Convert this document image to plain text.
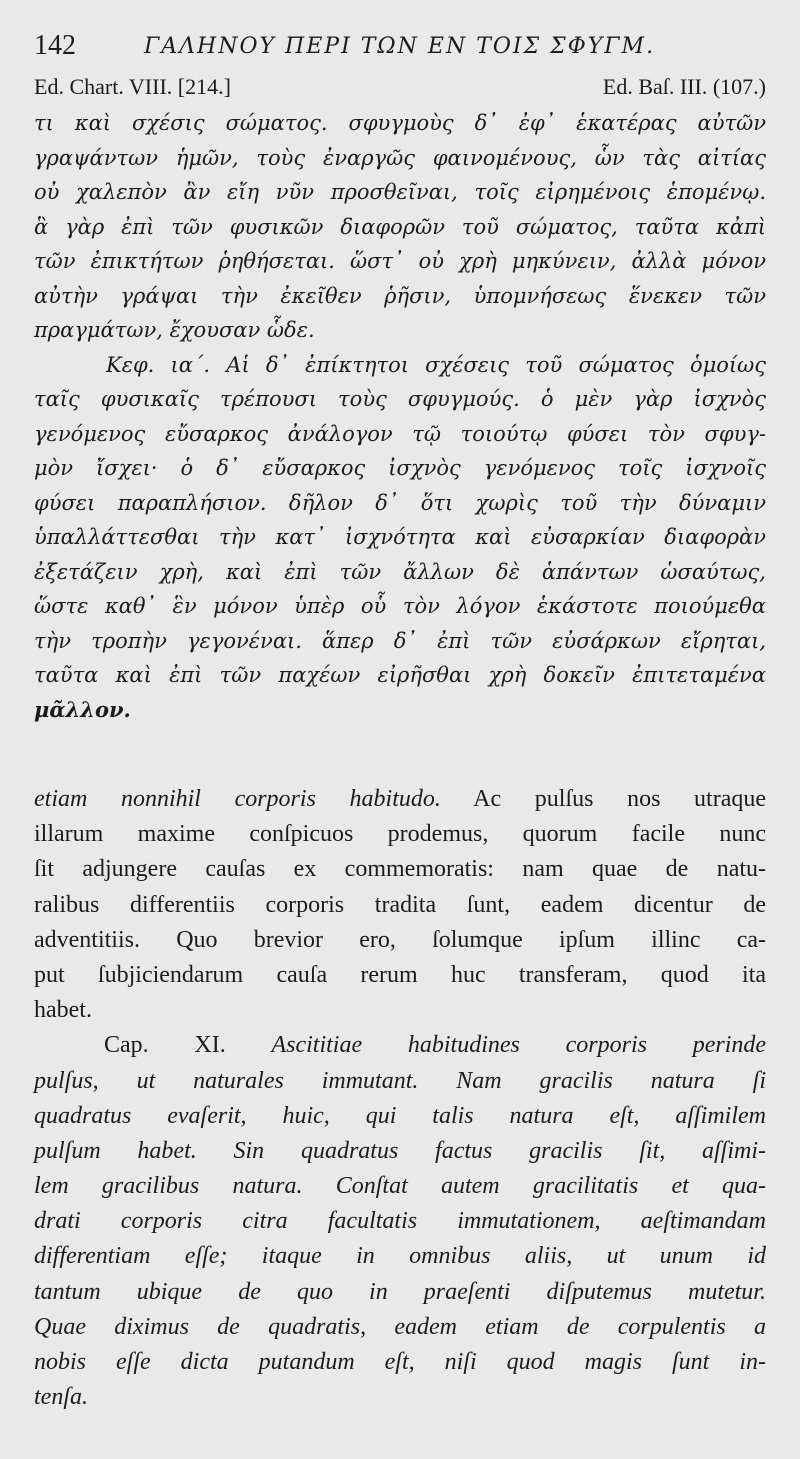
142	ΓΑΛΗΝΟΥ ΠΕΡΙ ΤΩΝ ΕΝ ΤΟΙΣ ΣΦΥΓΜ.
Ed. Chart. VIII. [214.]	Ed. Baſ. III. (107.)
τι καὶ σχέσις σώματος. σφυγμοὺς δ᾽ ἐφ᾽ ἑκατέρας αὐτῶν
γραψάντων ἡμῶν, τοὺς ἐναργῶς φαινομένους, ὧν τὰς αἰτίας
οὐ χαλεπὸν ἂν εἴη νῦν προσθεῖναι, τοῖς εἰρημένοις ἑπομένῳ.
ἃ γὰρ ἐπὶ τῶν φυσικῶν διαφορῶν τοῦ σώματος, ταῦτα κἀπὶ
τῶν ἐπικτήτων ῥηθήσεται. ὥστ᾽ οὐ χρὴ μηκύνειν, ἀλλὰ μόνον
αὐτὴν γράψαι τὴν ἐκεῖθεν ῥῆσιν, ὑπομνήσεως ἕνεκεν τῶν
πραγμάτων, ἔχουσαν ὧδε.
Κεφ. ια΄. Αἱ δ᾽ ἐπίκτητοι σχέσεις τοῦ σώματος ὁμοίως
ταῖς φυσικαῖς τρέπουσι τοὺς σφυγμούς. ὁ μὲν γὰρ ἰσχνὸς
γενόμενος εὔσαρκος ἀνάλογον τῷ τοιούτῳ φύσει τὸν σφυγ-
μὸν ἴσχει· ὁ δ᾽ εὔσαρκος ἰσχνὸς γενόμενος τοῖς ἰσχνοῖς
φύσει παραπλήσιον. δῆλον δ᾽ ὅτι χωρὶς τοῦ τὴν δύναμιν
ὑπαλλάττεσθαι τὴν κατ᾽ ἰσχνότητα καὶ εὐσαρκίαν διαφορὰν
ἐξετάζειν χρὴ, καὶ ἐπὶ τῶν ἄλλων δὲ ἁπάντων ὡσαύτως,
ὥστε καθ᾽ ἓν μόνον ὑπὲρ οὗ τὸν λόγον ἑκάστοτε ποιούμεθα
τὴν τροπὴν γεγονέναι. ἅπερ δ᾽ ἐπὶ τῶν εὐσάρκων εἴρηται,
ταῦτα καὶ ἐπὶ τῶν παχέων εἰρῆσθαι χρὴ δοκεῖν ἐπιτεταμένα
μᾶλλον.
etiam nonnihil corporis habitudo. Ac pulſus nos utraque
illarum maxime conſpicuos prodemus, quorum facile nunc
ſit adjungere cauſas ex commemoratis: nam quae de natu-
ralibus differentiis corporis tradita ſunt, eadem dicentur de
adventitiis. Quo brevior ero, ſolumque ipſum illinc ca-
put ſubjiciendarum cauſa rerum huc transferam, quod ita
habet.
Cap. XI. Ascititiae habitudines corporis perinde
pulſus, ut naturales immutant. Nam gracilis natura ſi
quadratus evaſerit, huic, qui talis natura eſt, aſſimilem
pulſum habet. Sin quadratus factus gracilis ſit, aſſimi-
lem gracilibus natura. Conſtat autem gracilitatis et qua-
drati corporis citra facultatis immutationem, aeſtimandam
differentiam eſſe; itaque in omnibus aliis, ut unum id
tantum ubique de quo in praeſenti diſputemus mutetur.
Quae diximus de quadratis, eadem etiam de corpulentis a
nobis eſſe dicta putandum eſt, niſi quod magis ſunt in-
tenſa.
